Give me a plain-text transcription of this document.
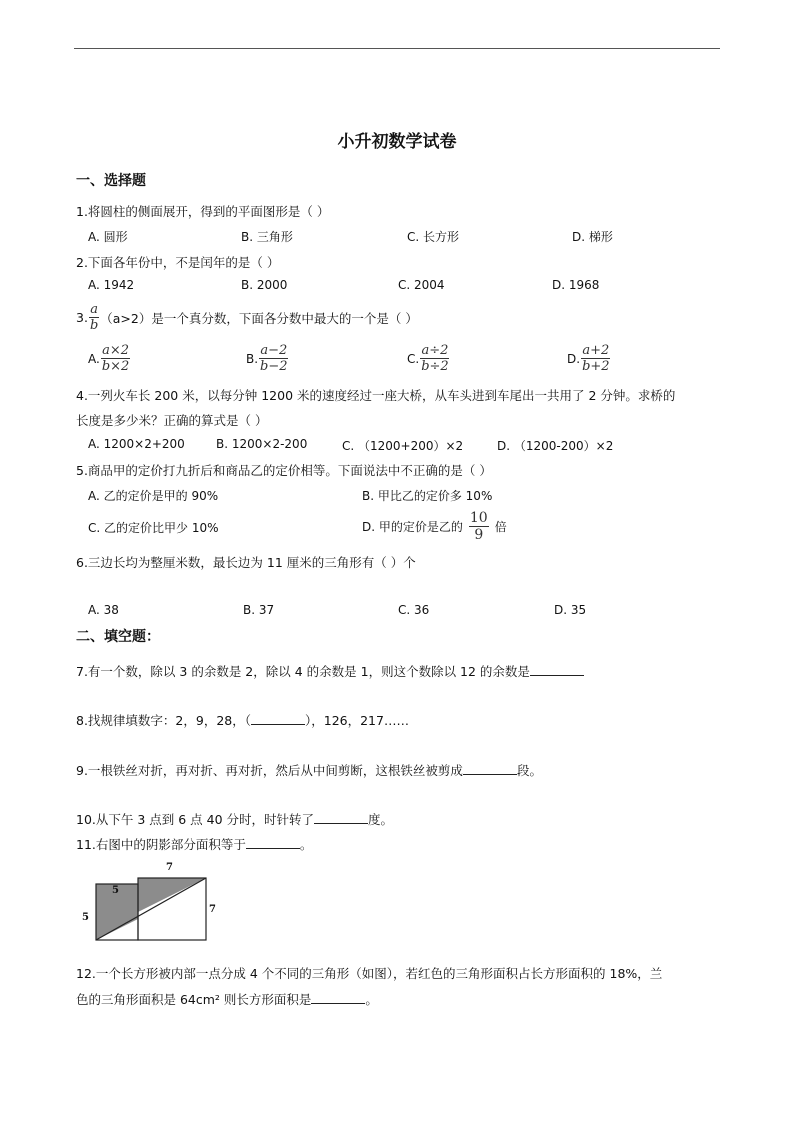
小升初数学试卷
一、选择题
1.将圆柱的侧面展开，得到的平面图形是（ ）
A. 圆形	B. 三角形	C. 长方形	D. 梯形
2.下面各年份中，不是闰年的是（ ）
A. 1942	B. 2000	C. 2004	D. 1968
3. $\frac{a}{b} (a>2)$是一个真分数，下面各分数中最大的一个是（ ）
A. $\frac{a\times 2}{b\times 2}$	B. $\frac{a-2}{b-2}$	C. $\frac{a\div 2}{b\div 2}$	D. $\frac{a+2}{b+2}$
4.一列火车长 200 米，以每分钟 1200 米的速度经过一座大桥，从车头进到车尾出一共用了 2 分钟。求桥的
长度是多少米？正确的算式是（ ）
A. 1200×2+200	B. 1200×2-200	C. （1200+200）×2	D. （1200-200）×2
5.商品甲的定价打九折后和商品乙的定价相等。下面说法中不正确的是（ ）
A. 乙的定价是甲的 90%	B. 甲比乙的定价多 10%
C. 乙的定价比甲少 10%	D. 甲的定价是乙的 $\frac{10}{9}$ 倍
6.三边长均为整厘米数，最长边为 11 厘米的三角形有（ ）个
A. 38	B. 37	C. 36	D. 35
二、填空题：
7.有一个数，除以 3 的余数是 2，除以 4 的余数是 1，则这个数除以 12 的余数是
8.找规律填数字：2，9，28，（	），126，217……
9.一根铁丝对折，再对折、再对折，然后从中间剪断，这根铁丝被剪成	段。
10.从下午 3 点到 6 点 40 分时，时针转了	度。
11.右图中的阴影部分面积等于	。
7
5
5
7
12.一个长方形被内部一点分成 4 个不同的三角形（如图），若红色的三角形面积占长方形面积的 18%，兰
色的三角形面积是 64cm² 则长方形面积是	。
